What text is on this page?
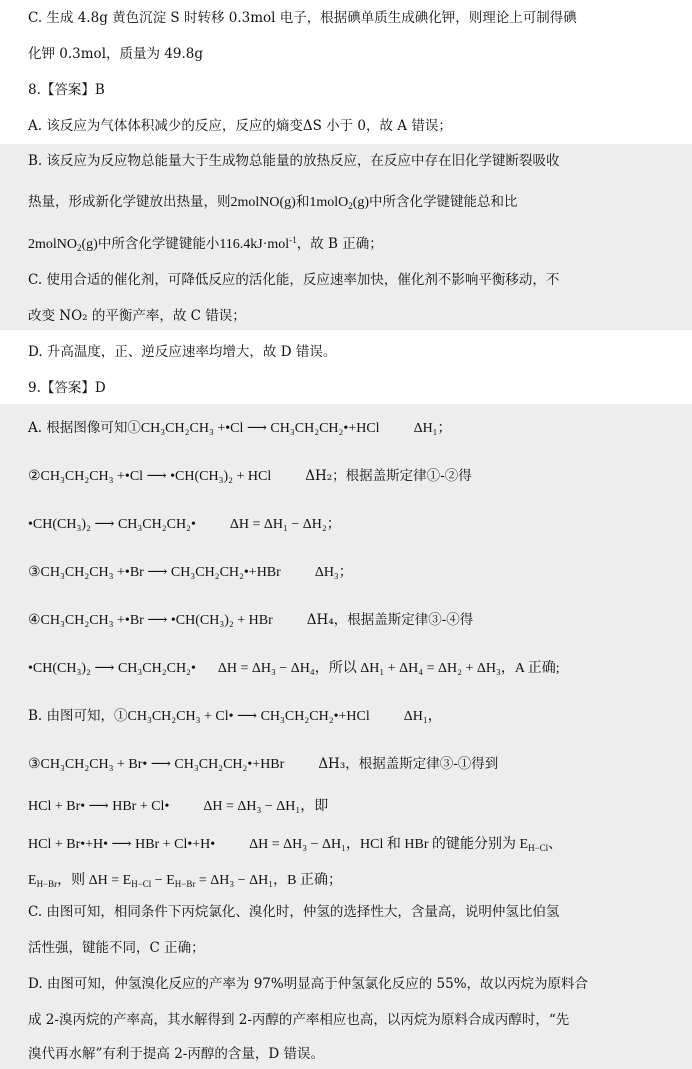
C. 生成 4.8g 黄色沉淀 S 时转移 0.3mol 电子，根据碘单质生成碘化钾，则理论上可制得碘
化钾 0.3mol，质量为 49.8g
8.【答案】B
A. 该反应为气体体积减少的反应，反应的熵变ΔS 小于 0，故 A 错误；
B. 该反应为反应物总能量大于生成物总能量的放热反应，在反应中存在旧化学键断裂吸收
热量，形成新化学键放出热量，则2molNO(g)和1molO$_2$(g)中所含化学键键能总和比
2molNO$_2$(g)中所含化学键键能小116.4kJ·mol$^{-1}$，故 B 正确；
C. 使用合适的催化剂，可降低反应的活化能，反应速率加快，催化剂不影响平衡移动，不
改变 NO₂ 的平衡产率，故 C 错误；
D. 升高温度，正、逆反应速率均增大，故 D 错误。
9.【答案】D
A. 根据图像可知①CH₃CH₂CH₃ +•Cl ⟶ CH₃CH₂CH₂•+HCl ΔH₁；
②CH₃CH₂CH₃ +•Cl ⟶ •CH(CH₃)₂ + HCl	ΔH₂；根据盖斯定律①-②得
•CH(CH₃)₂ ⟶ CH₃CH₂CH₂• ΔH = ΔH₁ − ΔH₂；
③CH₃CH₂CH₃ +•Br ⟶ CH₃CH₂CH₂•+HBr ΔH₃；
④CH₃CH₂CH₃ +•Br ⟶ •CH(CH₃)₂ + HBr	ΔH₄，根据盖斯定律③-④得
•CH(CH₃)₂ ⟶ CH₃CH₂CH₂• ΔH = ΔH₃ − ΔH₄，所以 ΔH₁ + ΔH₄ = ΔH₂ + ΔH₃，A 正确;
B. 由图可知，①CH₃CH₂CH₃ + Cl• ⟶ CH₃CH₂CH₂•+HCl ΔH₁，
③CH₃CH₂CH₃ + Br• ⟶ CH₃CH₂CH₂•+HBr	ΔH₃，根据盖斯定律③-①得到
HCl + Br• ⟶ HBr + Cl• ΔH = ΔH₃ − ΔH₁，即
HCl + Br•+H• ⟶ HBr + Cl•+H• ΔH = ΔH₃ − ΔH₁，HCl 和 HBr 的键能分别为 $E_{H-Cl}$、
$E_{H-Br}$，则 $\Delta H = E_{H-Cl} - E_{H-Br} = \Delta H_3 - \Delta H_1$，B 正确；
C. 由图可知，相同条件下丙烷氯化、溴化时，仲氢的选择性大，含量高，说明仲氢比伯氢
活性强，键能不同，C 正确；
D. 由图可知，仲氢溴化反应的产率为 97%明显高于仲氢氯化反应的 55%，故以丙烷为原料合
成 2-溴丙烷的产率高，其水解得到 2-丙醇的产率相应也高，以丙烷为原料合成丙醇时，“先
溴代再水解”有利于提高 2-丙醇的含量，D 错误。
